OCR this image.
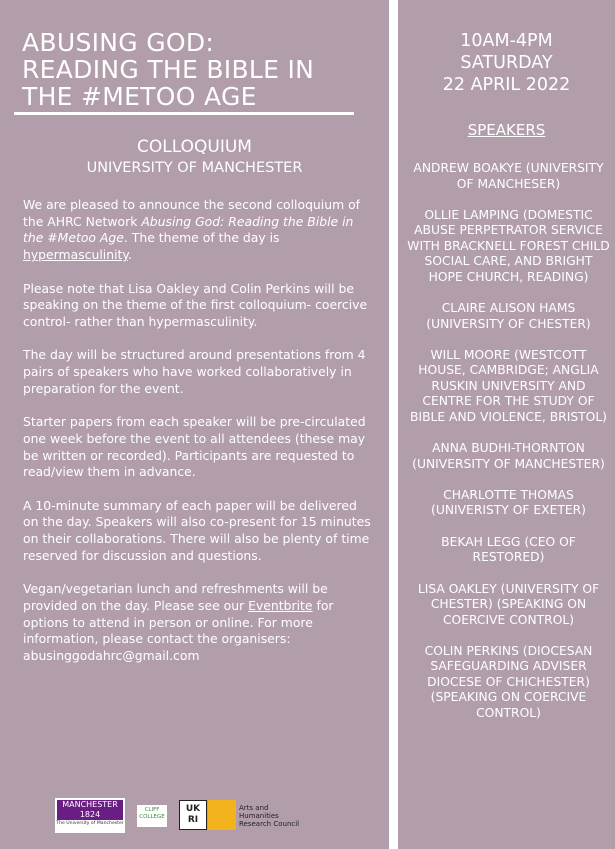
ABUSING GOD:
READING THE BIBLE IN
THE #METOO AGE
COLLOQUIUM
UNIVERSITY OF MANCHESTER

We are pleased to announce the second colloquium of the AHRC Network Abusing God: Reading the Bible in the #Metoo Age. The theme of the day is hypermasculinity.

Please note that Lisa Oakley and Colin Perkins will be speaking on the theme of the first colloquium- coercive control- rather than hypermasculinity.

The day will be structured around presentations from 4 pairs of speakers who have worked collaboratively in preparation for the event.

Starter papers from each speaker will be pre-circulated one week before the event to all attendees (these may be written or recorded). Participants are requested to read/view them in advance.

A 10-minute summary of each paper will be delivered on the day. Speakers will also co-present for 15 minutes on their collaborations. There will also be plenty of time reserved for discussion and questions.

Vegan/vegetarian lunch and refreshments will be provided on the day. Please see our Eventbrite for options to attend in person or online. For more information, please contact the organisers: abusinggodahrc@gmail.com

MANCHESTER 1824
The University of Manchester
CLIFF COLLEGE
UK RI
Arts and Humanities Research Council
10AM-4PM
SATURDAY
22 APRIL 2022
SPEAKERS
ANDREW BOAKYE (UNIVERSITY OF MANCHESER)
OLLIE LAMPING (DOMESTIC ABUSE PERPETRATOR SERVICE WITH BRACKNELL FOREST CHILD SOCIAL CARE, AND BRIGHT HOPE CHURCH, READING)
CLAIRE ALISON HAMS (UNIVERSITY OF CHESTER)
WILL MOORE (WESTCOTT HOUSE, CAMBRIDGE; ANGLIA RUSKIN UNIVERSITY AND CENTRE FOR THE STUDY OF BIBLE AND VIOLENCE, BRISTOL)
ANNA BUDHI-THORNTON (UNIVERSITY OF MANCHESTER)
CHARLOTTE THOMAS (UNIVERISTY OF EXETER)
BEKAH LEGG (CEO OF RESTORED)
LISA OAKLEY (UNIVERSITY OF CHESTER) (SPEAKING ON COERCIVE CONTROL)
COLIN PERKINS (DIOCESAN SAFEGUARDING ADVISER DIOCESE OF CHICHESTER) (SPEAKING ON COERCIVE CONTROL)
